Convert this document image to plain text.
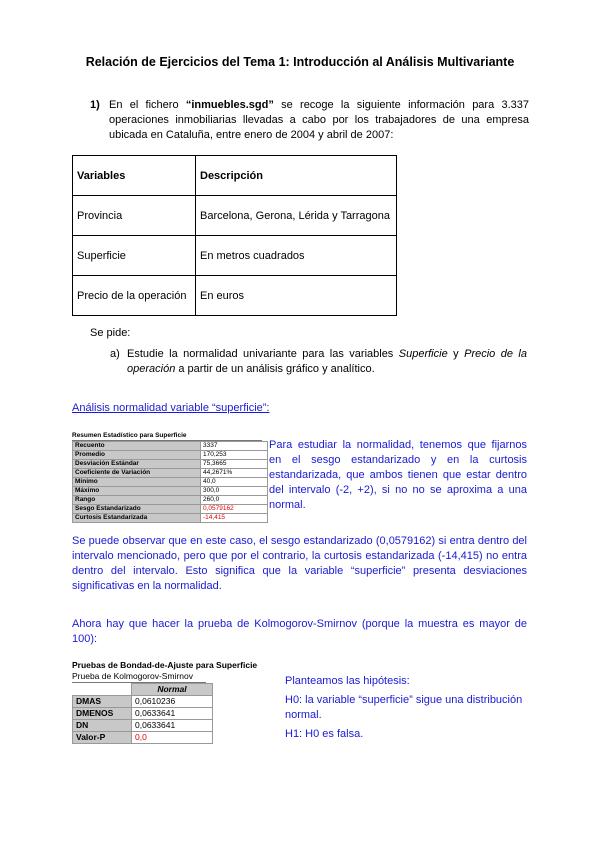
Relación de Ejercicios del Tema 1: Introducción al Análisis Multivariante
1) En el fichero “inmuebles.sgd” se recoge la siguiente información para 3.337 operaciones inmobiliarias llevadas a cabo por los trabajadores de una empresa ubicada en Cataluña, entre enero de 2004 y abril de 2007:
Variables	Descripción
Provincia	Barcelona, Gerona, Lérida y Tarragona
Superficie	En metros cuadrados
Precio de la operación	En euros
Se pide:
a) Estudie la normalidad univariante para las variables Superficie y Precio de la operación a partir de un análisis gráfico y analítico.
Análisis normalidad variable “superficie”:
Resumen Estadístico para Superficie
Recuento	3337
Promedio	170,253
Desviación Estándar	75,3665
Coeficiente de Variación	44,2671%
Mínimo	40,0
Máximo	300,0
Rango	260,0
Sesgo Estandarizado	0,0579162
Curtosis Estandarizada	-14,415
Para estudiar la normalidad, tenemos que fijarnos en el sesgo estandarizado y en la curtosis estandarizada, que ambos tienen que estar dentro del intervalo (-2, +2), si no no se aproxima a una normal.
Se puede observar que en este caso, el sesgo estandarizado (0,0579162) si entra dentro del intervalo mencionado, pero que por el contrario, la curtosis estandarizada (-14,415) no entra dentro del intervalo. Esto significa que la variable “superficie” presenta desviaciones significativas en la normalidad.
Ahora hay que hacer la prueba de Kolmogorov-Smirnov (porque la muestra es mayor de 100):
Pruebas de Bondad-de-Ajuste para Superficie
Prueba de Kolmogorov-Smirnov
	Normal
DMAS	0,0610236
DMENOS	0,0633641
DN	0,0633641
Valor-P	0,0
Planteamos las hipótesis:
H0: la variable “superficie” sigue una distribución normal.
H1: H0 es falsa.
